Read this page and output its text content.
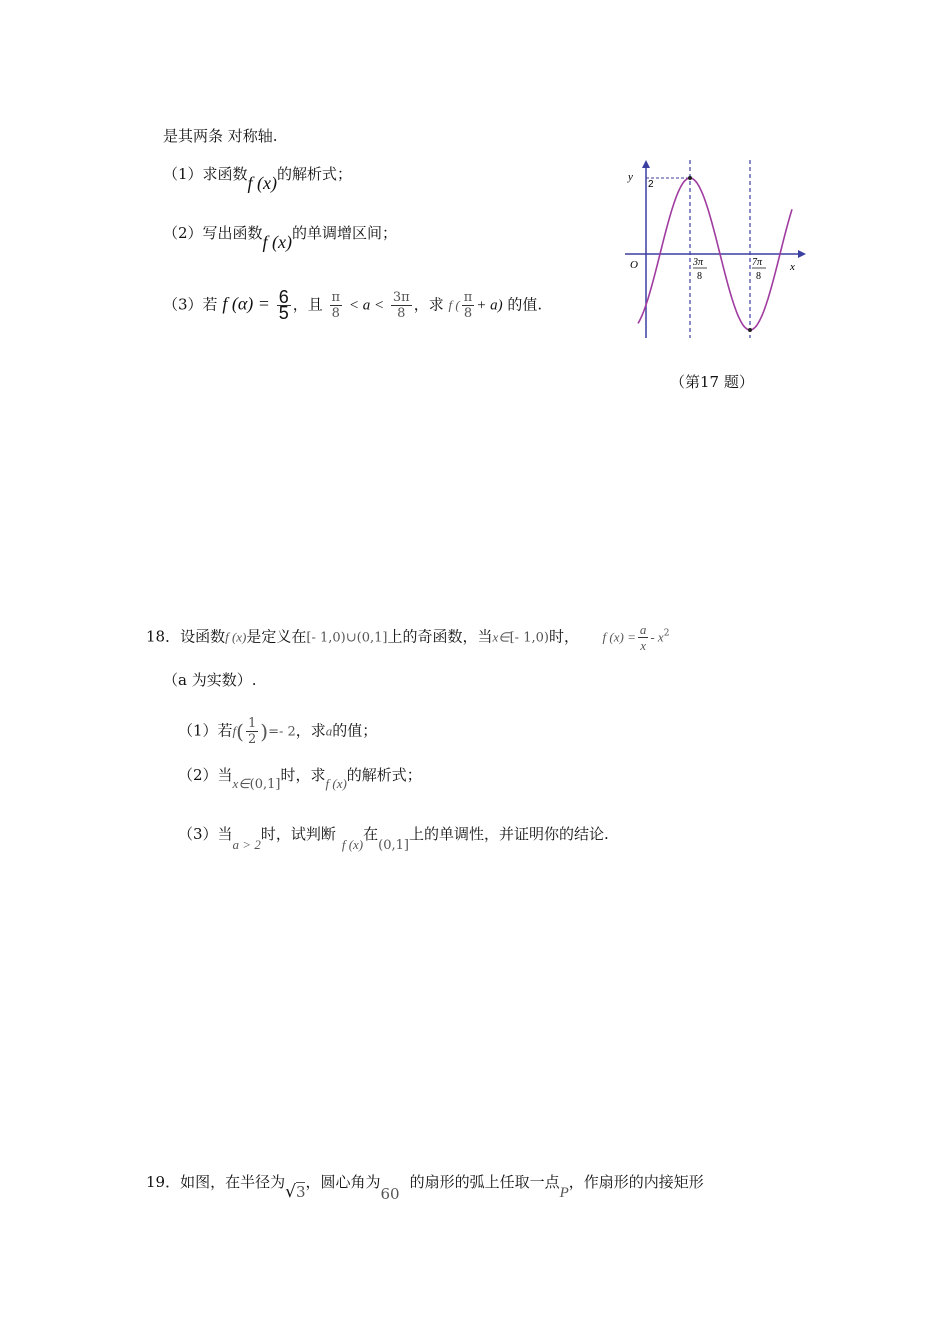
是其两条 对称轴.
（1）求函数f (x)的解析式；
（2）写出函数f (x)的单调增区间；
（3）若 f $(\alpha) = \frac{6}{5}$ ，且 $\frac{\pi}{8} < a < \frac{3\pi}{8}$ ，求 f ( $\frac{\pi}{8} + a$) 的值.
y
2
O	x
3π
8
7π
8
（第17 题）
18．设函数f (x)是定义在[- 1,0)∪(0,1]上的奇函数，当x∈[- 1,0)时， f $(x) = \frac{a}{x} - x^2$
（a 为实数）.
（1）若$f( \frac{1}{2}$ )=- 2，求a的值；
（2）当x∈(0,1]时，求f (x)的解析式；
（3）当a > 2时，试判断f (x)在(0,1]上的单调性，并证明你的结论.
19．如图，在半径为√3，圆心角为60的扇形的弧上任取一点P，作扇形的内接矩形
